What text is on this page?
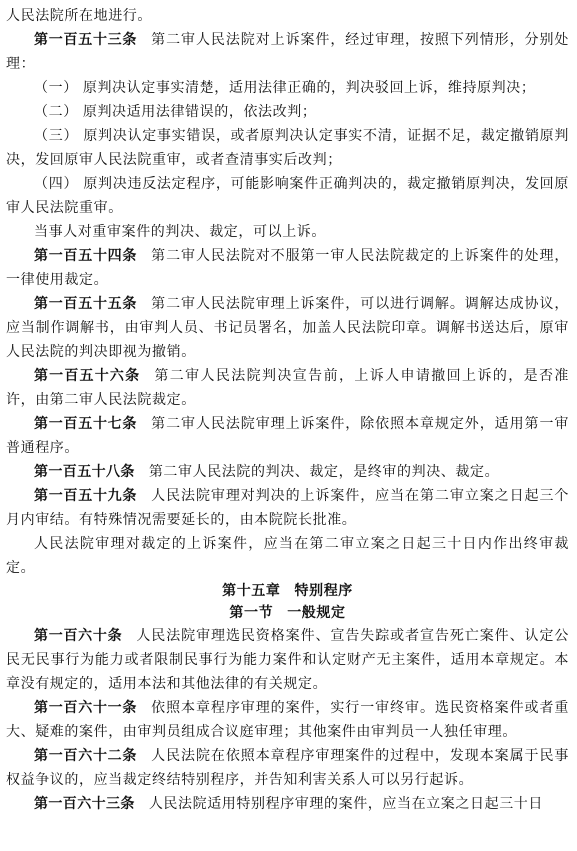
人民法院所在地进行。

第一百五十三条 第二审人民法院对上诉案件，经过审理，按照下列情形，分别处理：

（一） 原判决认定事实清楚，适用法律正确的，判决驳回上诉，维持原判决；

（二） 原判决适用法律错误的，依法改判；

（三） 原判决认定事实错误，或者原判决认定事实不清，证据不足，裁定撤销原判决，发回原审人民法院重审，或者查清事实后改判；

（四） 原判决违反法定程序，可能影响案件正确判决的，裁定撤销原判决，发回原审人民法院重审。

当事人对重审案件的判决、裁定，可以上诉。

第一百五十四条 第二审人民法院对不服第一审人民法院裁定的上诉案件的处理，一律使用裁定。

第一百五十五条 第二审人民法院审理上诉案件，可以进行调解。调解达成协议，应当制作调解书，由审判人员、书记员署名，加盖人民法院印章。调解书送达后，原审人民法院的判决即视为撤销。

第一百五十六条 第二审人民法院判决宣告前，上诉人申请撤回上诉的，是否准许，由第二审人民法院裁定。

第一百五十七条 第二审人民法院审理上诉案件，除依照本章规定外，适用第一审普通程序。

第一百五十八条 第二审人民法院的判决、裁定，是终审的判决、裁定。

第一百五十九条 人民法院审理对判决的上诉案件，应当在第二审立案之日起三个月内审结。有特殊情况需要延长的，由本院院长批准。

人民法院审理对裁定的上诉案件，应当在第二审立案之日起三十日内作出终审裁定。

第十五章 特别程序

第一节 一般规定

第一百六十条 人民法院审理选民资格案件、宣告失踪或者宣告死亡案件、认定公民无民事行为能力或者限制民事行为能力案件和认定财产无主案件，适用本章规定。本章没有规定的，适用本法和其他法律的有关规定。

第一百六十一条 依照本章程序审理的案件，实行一审终审。选民资格案件或者重大、疑难的案件，由审判员组成合议庭审理；其他案件由审判员一人独任审理。

第一百六十二条 人民法院在依照本章程序审理案件的过程中，发现本案属于民事权益争议的，应当裁定终结特别程序，并告知利害关系人可以另行起诉。

第一百六十三条 人民法院适用特别程序审理的案件，应当在立案之日起三十日
